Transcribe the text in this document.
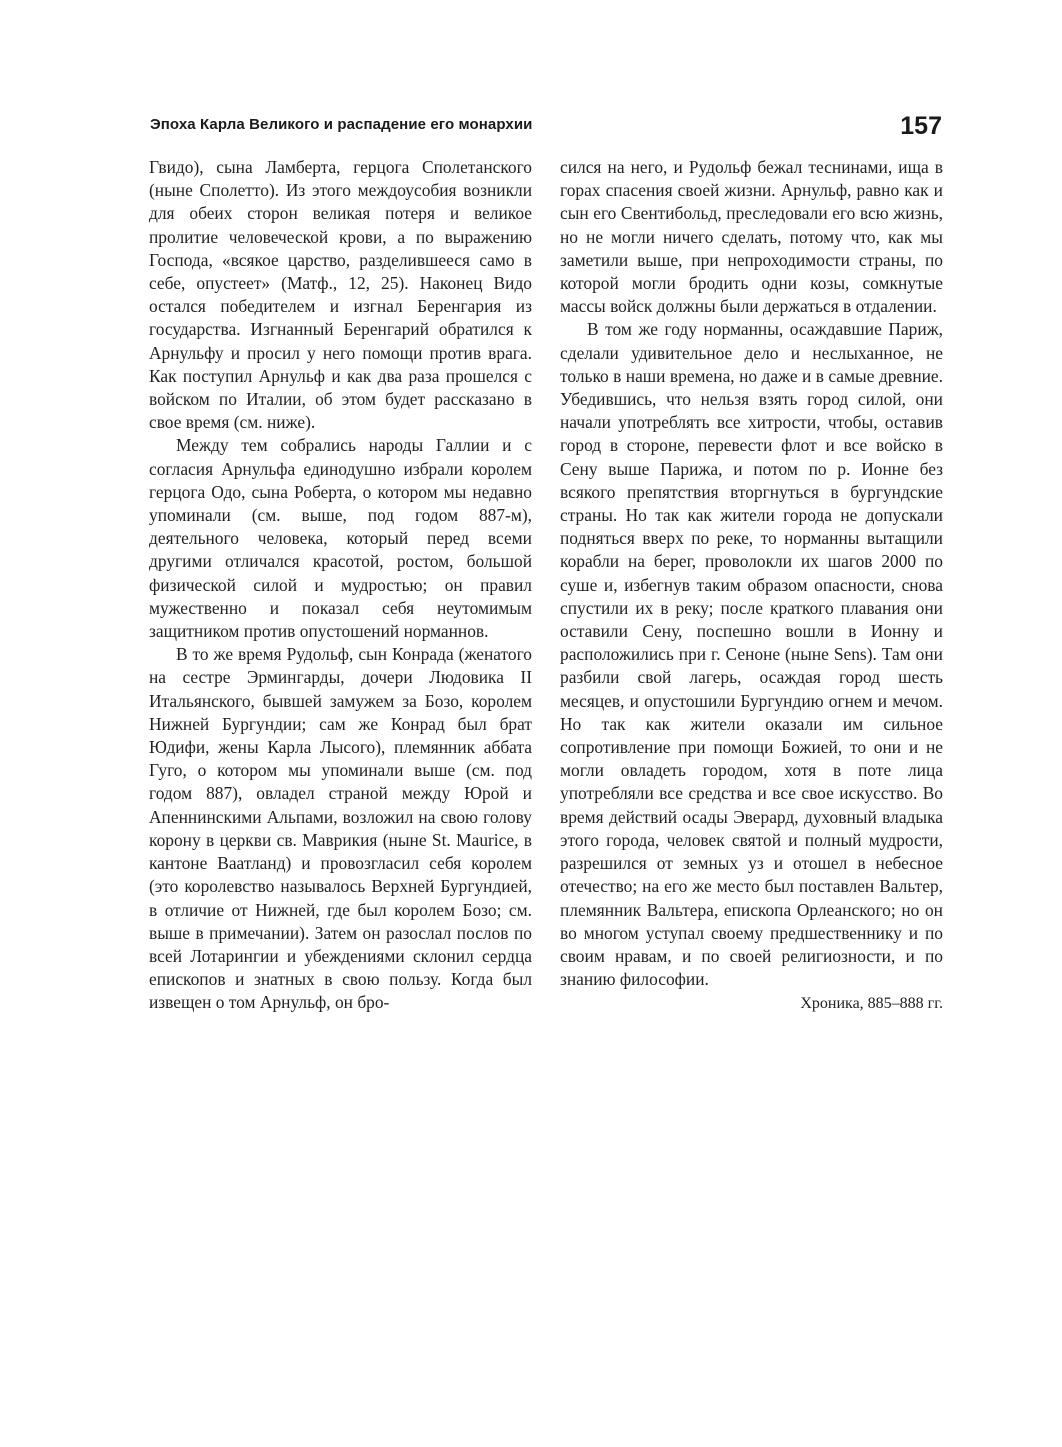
Эпоха Карла Великого и распадение его монархии	157

Гвидо), сына Ламберта, герцога Сполетанского (ныне Сполетто). Из этого междоусобия возникли для обеих сторон великая потеря и великое пролитие человеческой крови, а по выражению Господа, «всякое царство, разделившееся само в себе, опустеет» (Матф., 12, 25). Наконец Видо остался победителем и изгнал Беренгария из государства. Изгнанный Беренгарий обратился к Арнульфу и просил у него помощи против врага. Как поступил Арнульф и как два раза прошелся с войском по Италии, об этом будет рассказано в свое время (см. ниже).

Между тем собрались народы Галлии и с согласия Арнульфа единодушно избрали королем герцога Одо, сына Роберта, о котором мы недавно упоминали (см. выше, под годом 887-м), деятельного человека, который перед всеми другими отличался красотой, ростом, большой физической силой и мудростью; он правил мужественно и показал себя неутомимым защитником против опустошений норманнов.

В то же время Рудольф, сын Конрада (женатого на сестре Эрмингарды, дочери Людовика II Итальянского, бывшей замужем за Бозо, королем Нижней Бургундии; сам же Конрад был брат Юдифи, жены Карла Лысого), племянник аббата Гуго, о котором мы упоминали выше (см. под годом 887), овладел страной между Юрой и Апеннинскими Альпами, возложил на свою голову корону в церкви св. Маврикия (ныне St. Maurice, в кантоне Ваатланд) и провозгласил себя королем (это королевство называлось Верхней Бургундией, в отличие от Нижней, где был королем Бозо; см. выше в примечании). Затем он разослал послов по всей Лотарингии и убеждениями склонил сердца епископов и знатных в свою пользу. Когда был извещен о том Арнульф, он бро-

сился на него, и Рудольф бежал теснинами, ища в горах спасения своей жизни. Арнульф, равно как и сын его Свентибольд, преследовали его всю жизнь, но не могли ничего сделать, потому что, как мы заметили выше, при непроходимости страны, по которой могли бродить одни козы, сомкнутые массы войск должны были держаться в отдалении.

В том же году норманны, осаждавшие Париж, сделали удивительное дело и неслыханное, не только в наши времена, но даже и в самые древние. Убедившись, что нельзя взять город силой, они начали употреблять все хитрости, чтобы, оставив город в стороне, перевести флот и все войско в Сену выше Парижа, и потом по р. Ионне без всякого препятствия вторгнуться в бургундские страны. Но так как жители города не допускали подняться вверх по реке, то норманны вытащили корабли на берег, проволокли их шагов 2000 по суше и, избегнув таким образом опасности, снова спустили их в реку; после краткого плавания они оставили Сену, поспешно вошли в Ионну и расположились при г. Сеноне (ныне Sens). Там они разбили свой лагерь, осаждая город шесть месяцев, и опустошили Бургундию огнем и мечом. Но так как жители оказали им сильное сопротивление при помощи Божией, то они и не могли овладеть городом, хотя в поте лица употребляли все средства и все свое искусство. Во время действий осады Эверард, духовный владыка этого города, человек святой и полный мудрости, разрешился от земных уз и отошел в небесное отечество; на его же место был поставлен Вальтер, племянник Вальтера, епископа Орлеанского; но он во многом уступал своему предшественнику и по своим нравам, и по своей религиозности, и по знанию философии.

Хроника, 885–888 гг.
